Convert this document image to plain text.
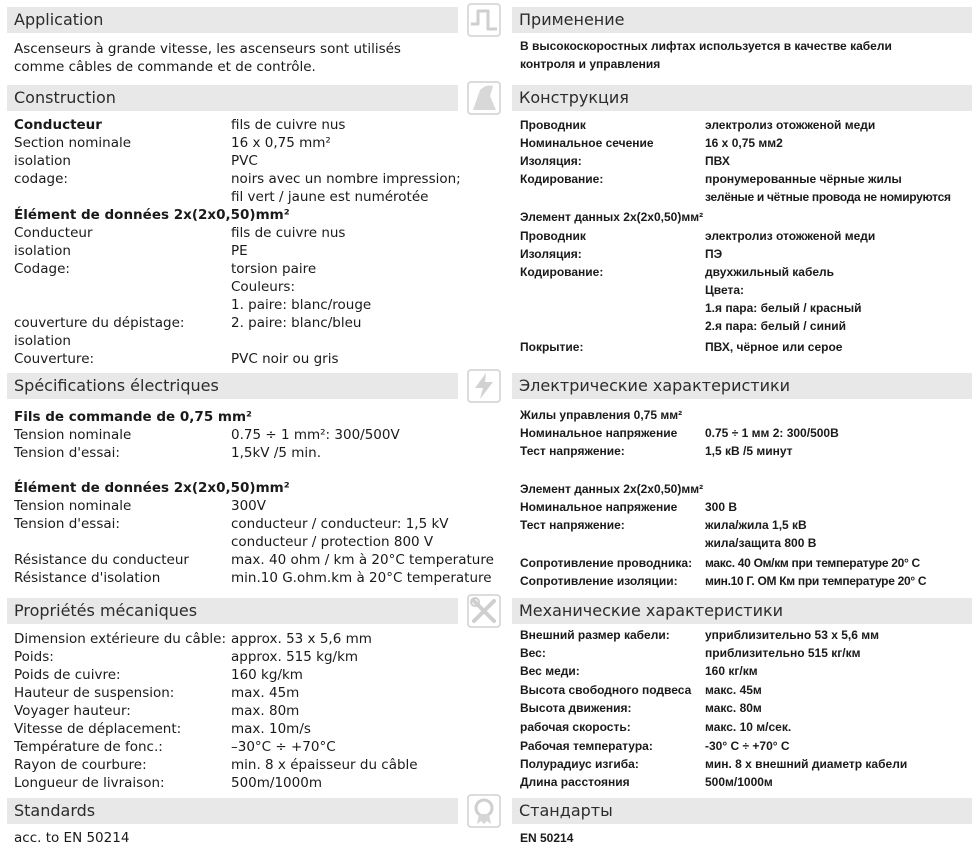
Application	Применение
Construction	Конструкция
Spécifications électriques	Электрические характеристики
Propriétés mécaniques	Механические характеристики
Standards	Стандарты
Ascenseurs à grande vitesse, les ascenseurs sont utilisés
comme câbles de commande et de contrôle.
В высокоскоростных лифтах используется в качестве кабели
контроля и управления
Conducteur	fils de cuivre nus
Section nominale	16 x 0,75 mm²
isolation	PVC
codage:	noirs avec un nombre impression;
fil vert / jaune est numérotée
Élément de données 2x(2x0,50)mm²
Conducteur	fils de cuivre nus
isolation	PE
Codage:	torsion paire
Couleurs:
1. paire: blanc/rouge
couverture du dépistage:	2. paire: blanc/bleu
isolation
Couverture:	PVC noir ou gris
Проводник	электролиз отожженой меди
Номинальное сечение	16 x 0,75 мм2
Изоляция:	ПВХ
Кодирование:	пронумерованные чёрные жилы
зелёные и чётные провода не номируются
Элемент данных 2x(2x0,50)мм²
Проводник	электролиз отожженой меди
Изоляция:	ПЭ
Кодирование:	двухжильный кабель
Цвета:
1.я пара: белый / красный
2.я пара: белый / синий
Покрытие:	ПВХ, чёрное или серое
Fils de commande de 0,75 mm²
Tension nominale	0.75 ÷ 1 mm²: 300/500V
Tension d'essai:	1,5kV /5 min.
Élément de données 2x(2x0,50)mm²
Tension nominale	300V
Tension d'essai:	conducteur / conducteur: 1,5 kV
conducteur / protection 800 V
Résistance du conducteur	max. 40 ohm / km à 20°C temperature
Résistance d'isolation	min.10 G.ohm.km à 20°C temperature
Жилы управления 0,75 мм²
Номинальное напряжение 0.75 ÷ 1 мм 2: 300/500В
Тест напряжение:	1,5 кВ /5 минут
Элемент данных 2x(2x0,50)мм²
Номинальное напряжение 300 В
Тест напряжение:	жила/жила 1,5 кВ
жила/защита 800 В
Сопротивление проводника: макс. 40 Ом/км при температуре 20° С
Сопротивление изоляции: мин.10 Г. ОМ Км при температуре 20° С
Dimension extérieure du câble: approx. 53 x 5,6 mm
Poids:	approx. 515 kg/km
Poids de cuivre:	160 kg/km
Hauteur de suspension:	max. 45m
Voyager hauteur:	max. 80m
Vitesse de déplacement:	max. 10m/s
Température de fonc.:	–30°C ÷ +70°C
Rayon de courbure:	min. 8 x épaisseur du câble
Longueur de livraison:	500m/1000m
Внешний размер кабели:	уприблизительно 53 x 5,6 мм
Вес:	приблизительно 515 кг/км
Вес меди:	160 кг/км
Высота свободного подвеса макс. 45м
Высота движения:	макс. 80м
рабочая скорость:	макс. 10 м/сек.
Рабочая температура:	-30° С ÷ +70° С
Полурадиус изгиба:	мин. 8 х внешний диаметр кабели
Длина расстояния	500м/1000м
acc. to EN 50214	EN 50214
